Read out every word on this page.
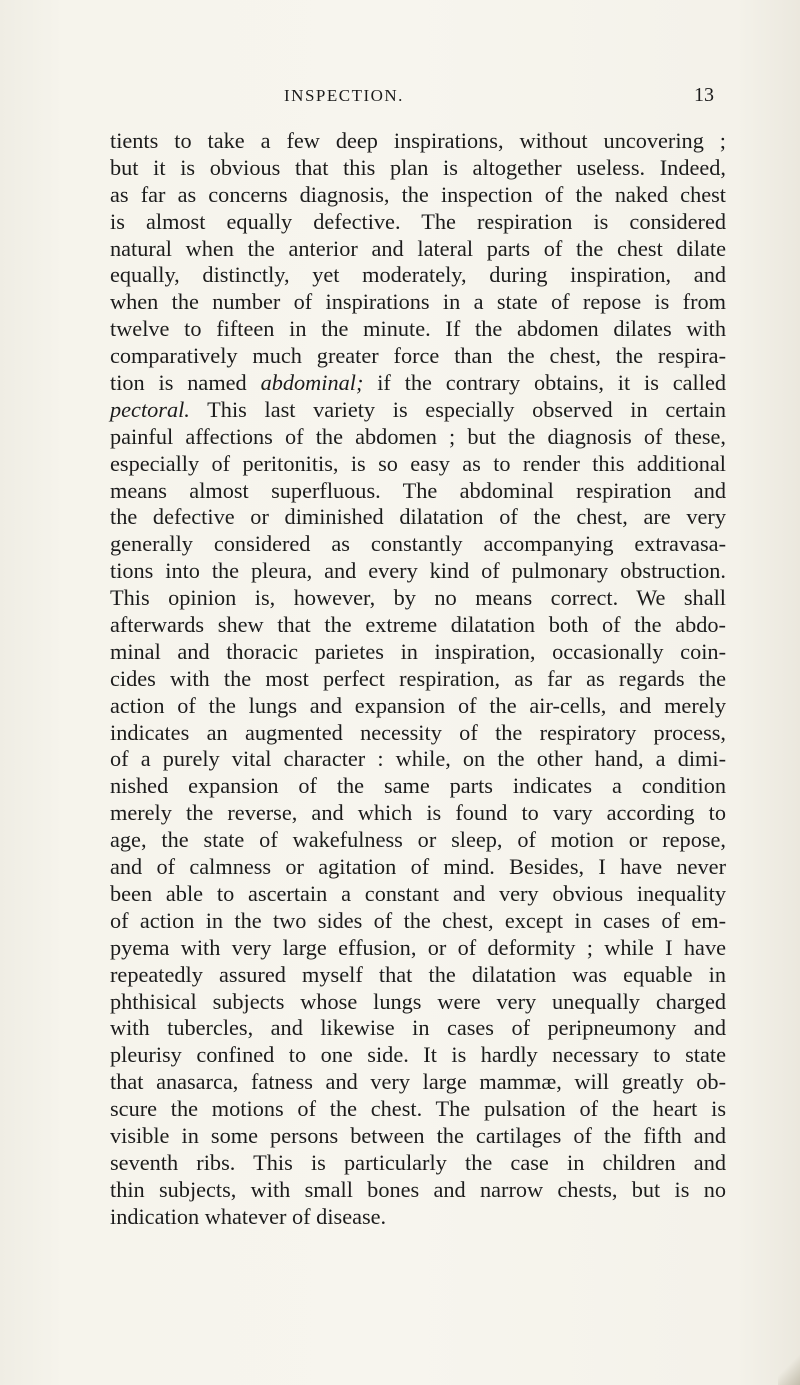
INSPECTION.	13
tients to take a few deep inspirations, without uncovering ;
but it is obvious that this plan is altogether useless. Indeed,
as far as concerns diagnosis, the inspection of the naked chest
is almost equally defective. The respiration is considered
natural when the anterior and lateral parts of the chest dilate
equally, distinctly, yet moderately, during inspiration, and
when the number of inspirations in a state of repose is from
twelve to fifteen in the minute. If the abdomen dilates with
comparatively much greater force than the chest, the respira-
tion is named abdominal; if the contrary obtains, it is called
pectoral. This last variety is especially observed in certain
painful affections of the abdomen ; but the diagnosis of these,
especially of peritonitis, is so easy as to render this additional
means almost superfluous. The abdominal respiration and
the defective or diminished dilatation of the chest, are very
generally considered as constantly accompanying extravasa-
tions into the pleura, and every kind of pulmonary obstruction.
This opinion is, however, by no means correct. We shall
afterwards shew that the extreme dilatation both of the abdo-
minal and thoracic parietes in inspiration, occasionally coin-
cides with the most perfect respiration, as far as regards the
action of the lungs and expansion of the air-cells, and merely
indicates an augmented necessity of the respiratory process,
of a purely vital character : while, on the other hand, a dimi-
nished expansion of the same parts indicates a condition
merely the reverse, and which is found to vary according to
age, the state of wakefulness or sleep, of motion or repose,
and of calmness or agitation of mind. Besides, I have never
been able to ascertain a constant and very obvious inequality
of action in the two sides of the chest, except in cases of em-
pyema with very large effusion, or of deformity ; while I have
repeatedly assured myself that the dilatation was equable in
phthisical subjects whose lungs were very unequally charged
with tubercles, and likewise in cases of peripneumony and
pleurisy confined to one side. It is hardly necessary to state
that anasarca, fatness and very large mammæ, will greatly ob-
scure the motions of the chest. The pulsation of the heart is
visible in some persons between the cartilages of the fifth and
seventh ribs. This is particularly the case in children and
thin subjects, with small bones and narrow chests, but is no
indication whatever of disease.
